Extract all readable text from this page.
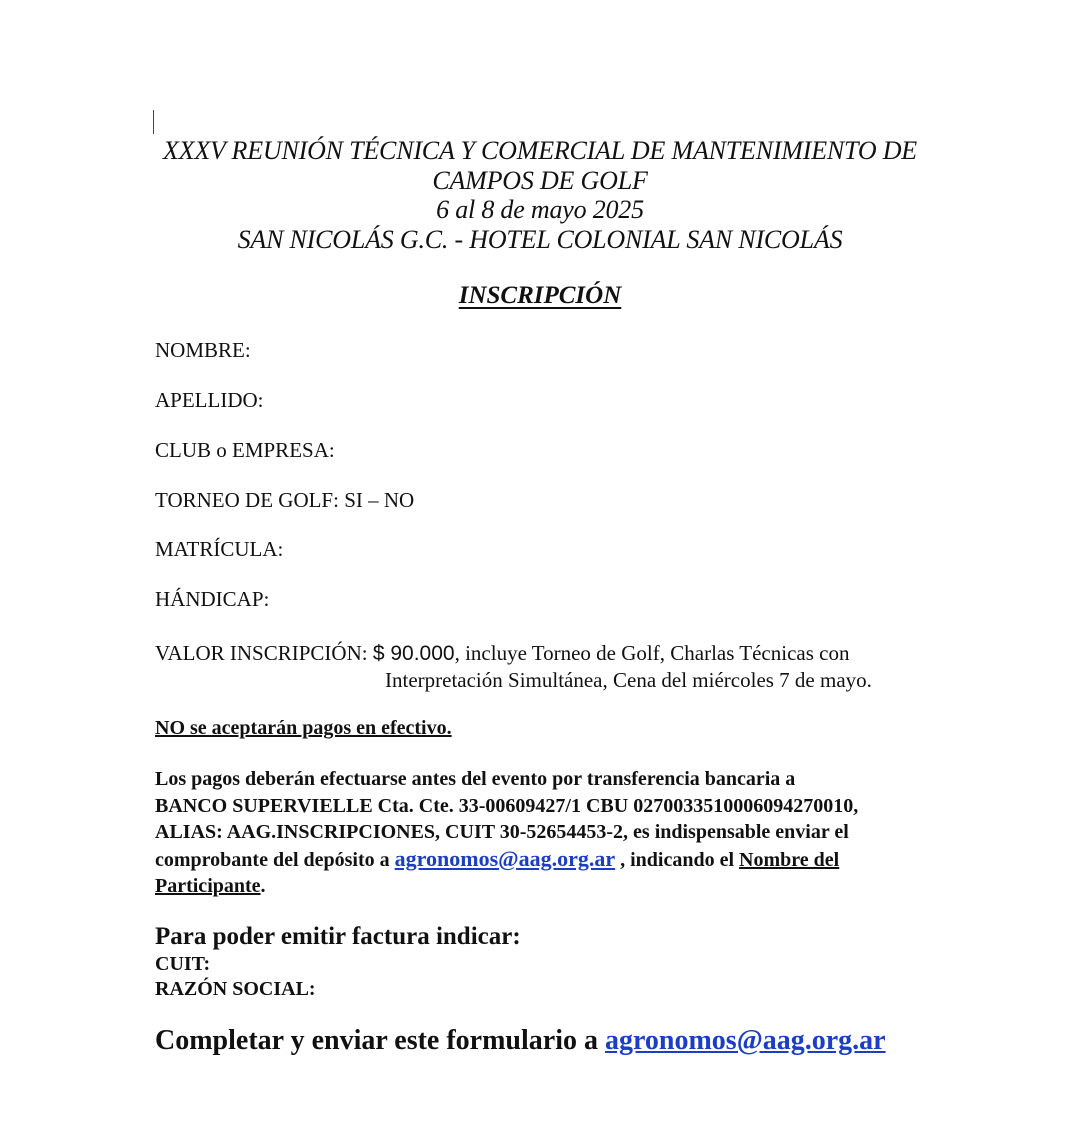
XXXV REUNIÓN TÉCNICA Y COMERCIAL DE MANTENIMIENTO DE
CAMPOS DE GOLF
6 al 8 de mayo 2025
SAN NICOLÁS G.C. - HOTEL COLONIAL SAN NICOLÁS
INSCRIPCIÓN
NOMBRE:
APELLIDO:
CLUB o EMPRESA:
TORNEO DE GOLF: SI – NO
MATRÍCULA:
HÁNDICAP:
VALOR INSCRIPCIÓN: $ 90.000, incluye Torneo de Golf, Charlas Técnicas con
Interpretación Simultánea, Cena del miércoles 7 de mayo.
NO se aceptarán pagos en efectivo.
Los pagos deberán efectuarse antes del evento por transferencia bancaria a
BANCO SUPERVIELLE Cta. Cte. 33-00609427/1 CBU 0270033510006094270010,
ALIAS: AAG.INSCRIPCIONES, CUIT 30-52654453-2, es indispensable enviar el
comprobante del depósito a agronomos@aag.org.ar , indicando el Nombre del
Participante.
Para poder emitir factura indicar:
CUIT:
RAZÓN SOCIAL:
Completar y enviar este formulario a agronomos@aag.org.ar
